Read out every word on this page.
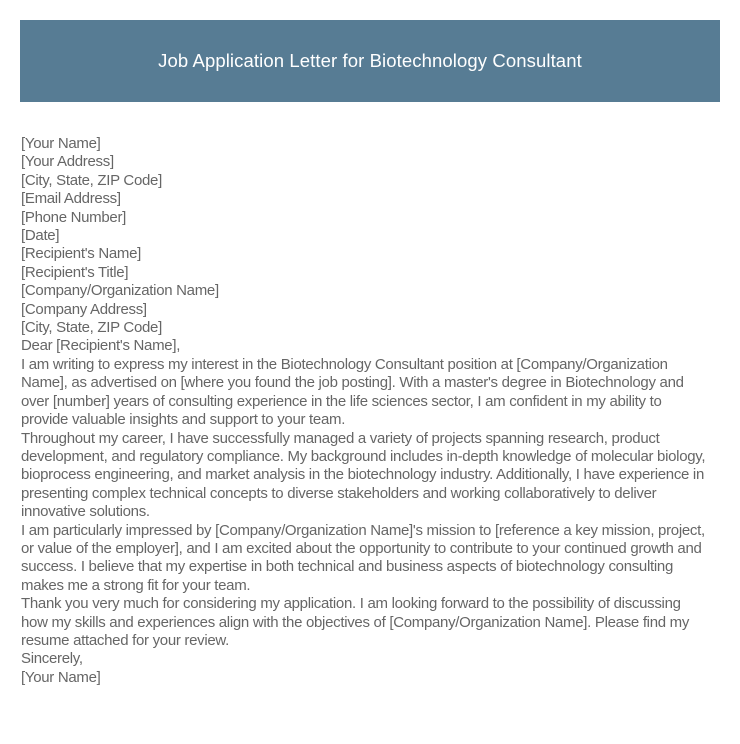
Job Application Letter for Biotechnology Consultant
[Your Name]
[Your Address]
[City, State, ZIP Code]
[Email Address]
[Phone Number]
[Date]
[Recipient's Name]
[Recipient's Title]
[Company/Organization Name]
[Company Address]
[City, State, ZIP Code]
Dear [Recipient's Name],

I am writing to express my interest in the Biotechnology Consultant position at [Company/Organization Name], as advertised on [where you found the job posting]. With a master's degree in Biotechnology and over [number] years of consulting experience in the life sciences sector, I am confident in my ability to provide valuable insights and support to your team.

Throughout my career, I have successfully managed a variety of projects spanning research, product development, and regulatory compliance. My background includes in-depth knowledge of molecular biology, bioprocess engineering, and market analysis in the biotechnology industry. Additionally, I have experience in presenting complex technical concepts to diverse stakeholders and working collaboratively to deliver innovative solutions.

I am particularly impressed by [Company/Organization Name]'s mission to [reference a key mission, project, or value of the employer], and I am excited about the opportunity to contribute to your continued growth and success. I believe that my expertise in both technical and business aspects of biotechnology consulting makes me a strong fit for your team.

Thank you very much for considering my application. I am looking forward to the possibility of discussing how my skills and experiences align with the objectives of [Company/Organization Name]. Please find my resume attached for your review.

Sincerely,
[Your Name]
